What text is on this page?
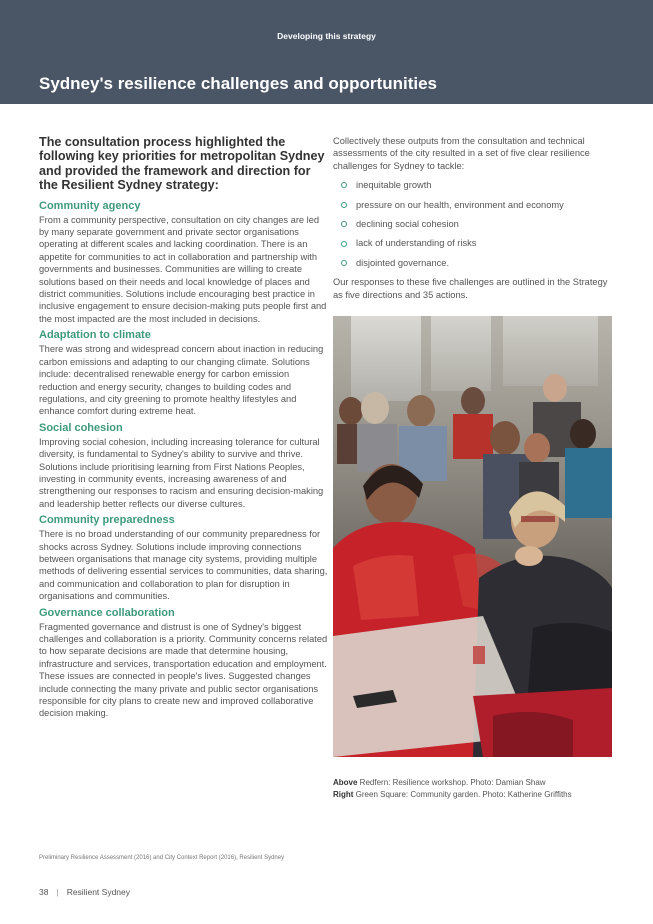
Developing this strategy
Sydney's resilience challenges and opportunities

The consultation process highlighted the following key priorities for metropolitan Sydney and provided the framework and direction for the Resilient Sydney strategy:

Community agency

From a community perspective, consultation on city changes are led by many separate government and private sector organisations operating at different scales and lacking coordination. There is an appetite for communities to act in collaboration and partnership with governments and businesses. Communities are willing to create solutions based on their needs and local knowledge of places and district communities. Solutions include encouraging best practice in inclusive engagement to ensure decision-making puts people first and the most impacted are the most included in decisions.

Adaptation to climate

There was strong and widespread concern about inaction in reducing carbon emissions and adapting to our changing climate. Solutions include: decentralised renewable energy for carbon emission reduction and energy security, changes to building codes and regulations, and city greening to promote healthy lifestyles and enhance comfort during extreme heat.

Social cohesion

Improving social cohesion, including increasing tolerance for cultural diversity, is fundamental to Sydney's ability to survive and thrive. Solutions include prioritising learning from First Nations Peoples, investing in community events, increasing awareness of and strengthening our responses to racism and ensuring decision-making and leadership better reflects our diverse cultures.

Community preparedness

There is no broad understanding of our community preparedness for shocks across Sydney. Solutions include improving connections between organisations that manage city systems, providing multiple methods of delivering essential services to communities, data sharing, and communication and collaboration to plan for disruption in organisations and communities.

Governance collaboration

Fragmented governance and distrust is one of Sydney's biggest challenges and collaboration is a priority. Community concerns related to how separate decisions are made that determine housing, infrastructure and services, transportation education and employment. These issues are connected in people's lives. Suggested changes include connecting the many private and public sector organisations responsible for city plans to create new and improved collaborative decision making.

Collectively these outputs from the consultation and technical assessments of the city resulted in a set of five clear resilience challenges for Sydney to tackle:

inequitable growth
pressure on our health, environment and economy
declining social cohesion
lack of understanding of risks
disjointed governance.

Our responses to these five challenges are outlined in the Strategy as five directions and 35 actions.

Above Redfern: Resilience workshop. Photo: Damian Shaw
Right Green Square: Community garden. Photo: Katherine Griffiths
Preliminary Resilience Assessment (2016) and City Context Report (2016), Resilient Sydney
38 | Resilient Sydney
